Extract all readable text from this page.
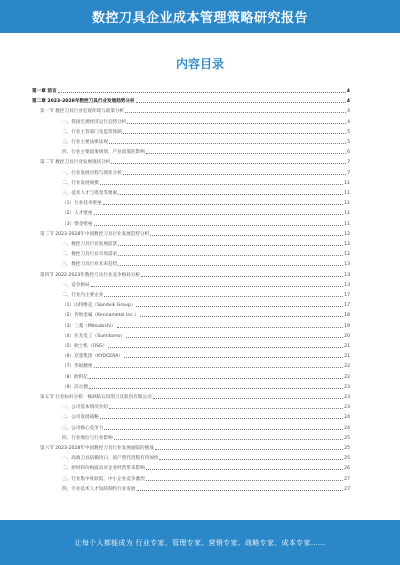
数控刀具企业成本管理策略研究报告
内容目录
第一章 前言	4
第二章 2023-2028年数控刀具行业发展趋势分析	4
第一节 数控刀具行业宏观环境与政策分析	4
一、我国宏观经济运行态势分析	4
二、行业主管部门及监管体制	5
三、行业主要法律法规	5
四、行业主要政策规划、产业政策的影响	6
第二节 数控刀具行业发展现状分析	7
一、行业发展历程与现状分析	7
二、行业发展规模	11
三、技术人才与资金等要素	11
（1）行业技术壁垒	11
（2）人才壁垒	11
（3）资金壁垒	11
第三节 2023-2028年中国数控刀具行业发展趋势分析	12
一、数控刀具行业发展前景	12
二、数控刀具行业市场需求	12
三、数控刀具行业未来趋势	13
第四节 2022-2023年数控刀具行业竞争格局分析	13
一、竞争格局	13
二、行业内主要企业	17
（1）山特维克（Sandvik Group）	17
（2）肯纳金属（Kennametal Inc.）	18
（3）三菱（Mitsubishi）	19
（4）住友电工（Sumitomo）	20
（5）欧士机（OSG）	21
（6）京瓷集团（KYOCERA）	21
（7）华锐精密	22
（8）欧科亿	22
（9）沃尔德	23
第五节 行业标杆分析：株洲钻石切削刀具股份有限公司	23
一、公司基本情况介绍	23
二、公司发展战略	24
三、公司核心竞争力	24
四、行业地位与行业影响	25
第六节 2023-2028年中国数控刀具行业发展面临的挑战	25
一、高端刀具依赖进口，国产替代进程有待加快	25
二、原材料价格波动对企业经营带来影响	26
三、行业集中度较低，中小企业竞争激烈	27
四、专业技术人才短缺制约行业发展	27
让每个人都能成为 行业专家、管理专家、营销专家、战略专家、成本专家……
